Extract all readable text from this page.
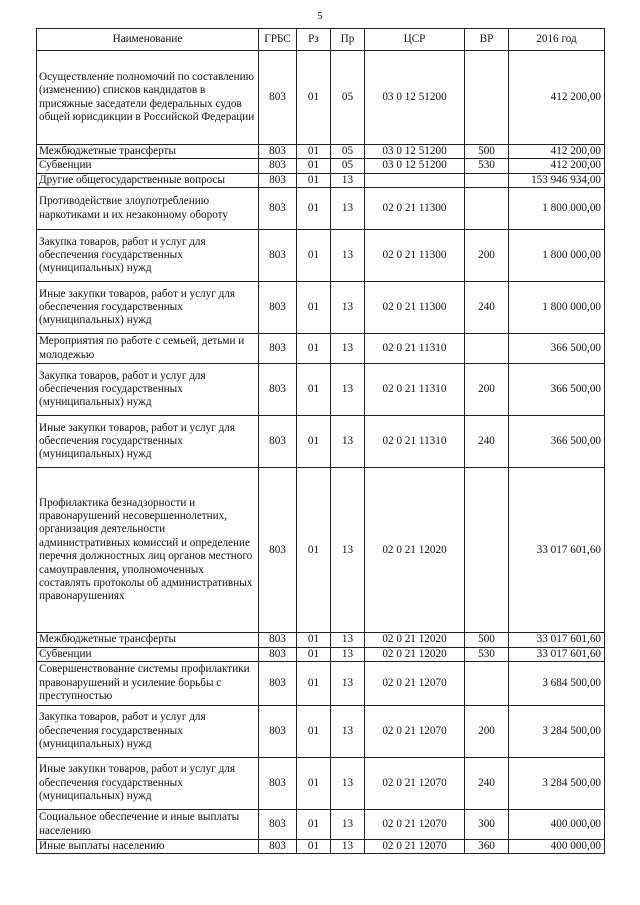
5
Наименование	ГРБС	Рз	Пр	ЦСР	ВР	2016 год
Осуществление полномочий по составлению (изменению) списков кандидатов в присяжные заседатели федеральных судов общей юрисдикции в Российской Федерации	803	01	05	03 0 12 51200		412 200,00
Межбюджетные трансферты	803	01	05	03 0 12 51200	500	412 200,00
Субвенции	803	01	05	03 0 12 51200	530	412 200,00
Другие общегосударственные вопросы	803	01	13			153 946 934,00
Противодействие злоупотреблению наркотиками и их незаконному обороту	803	01	13	02 0 21 11300		1 800 000,00
Закупка товаров, работ и услуг для обеспечения государственных (муниципальных) нужд	803	01	13	02 0 21 11300	200	1 800 000,00
Иные закупки товаров, работ и услуг для обеспечения государственных (муниципальных) нужд	803	01	13	02 0 21 11300	240	1 800 000,00
Мероприятия по работе с семьей, детьми и молодежью	803	01	13	02 0 21 11310		366 500,00
Закупка товаров, работ и услуг для обеспечения государственных (муниципальных) нужд	803	01	13	02 0 21 11310	200	366 500,00
Иные закупки товаров, работ и услуг для обеспечения государственных (муниципальных) нужд	803	01	13	02 0 21 11310	240	366 500,00
Профилактика безнадзорности и правонарушений несовершеннолетних, организация деятельности административных комиссий и определение перечня должностных лиц органов местного самоуправления, уполномоченных составлять протоколы об административных правонарушениях	803	01	13	02 0 21 12020		33 017 601,60
Межбюджетные трансферты	803	01	13	02 0 21 12020	500	33 017 601,60
Субвенции	803	01	13	02 0 21 12020	530	33 017 601,60
Совершенствование системы профилактики правонарушений и усиление борьбы с преступностью	803	01	13	02 0 21 12070		3 684 500,00
Закупка товаров, работ и услуг для обеспечения государственных (муниципальных) нужд	803	01	13	02 0 21 12070	200	3 284 500,00
Иные закупки товаров, работ и услуг для обеспечения государственных (муниципальных) нужд	803	01	13	02 0 21 12070	240	3 284 500,00
Социальное обеспечение и иные выплаты населению	803	01	13	02 0 21 12070	300	400 000,00
Иные выплаты населению	803	01	13	02 0 21 12070	360	400 000,00
